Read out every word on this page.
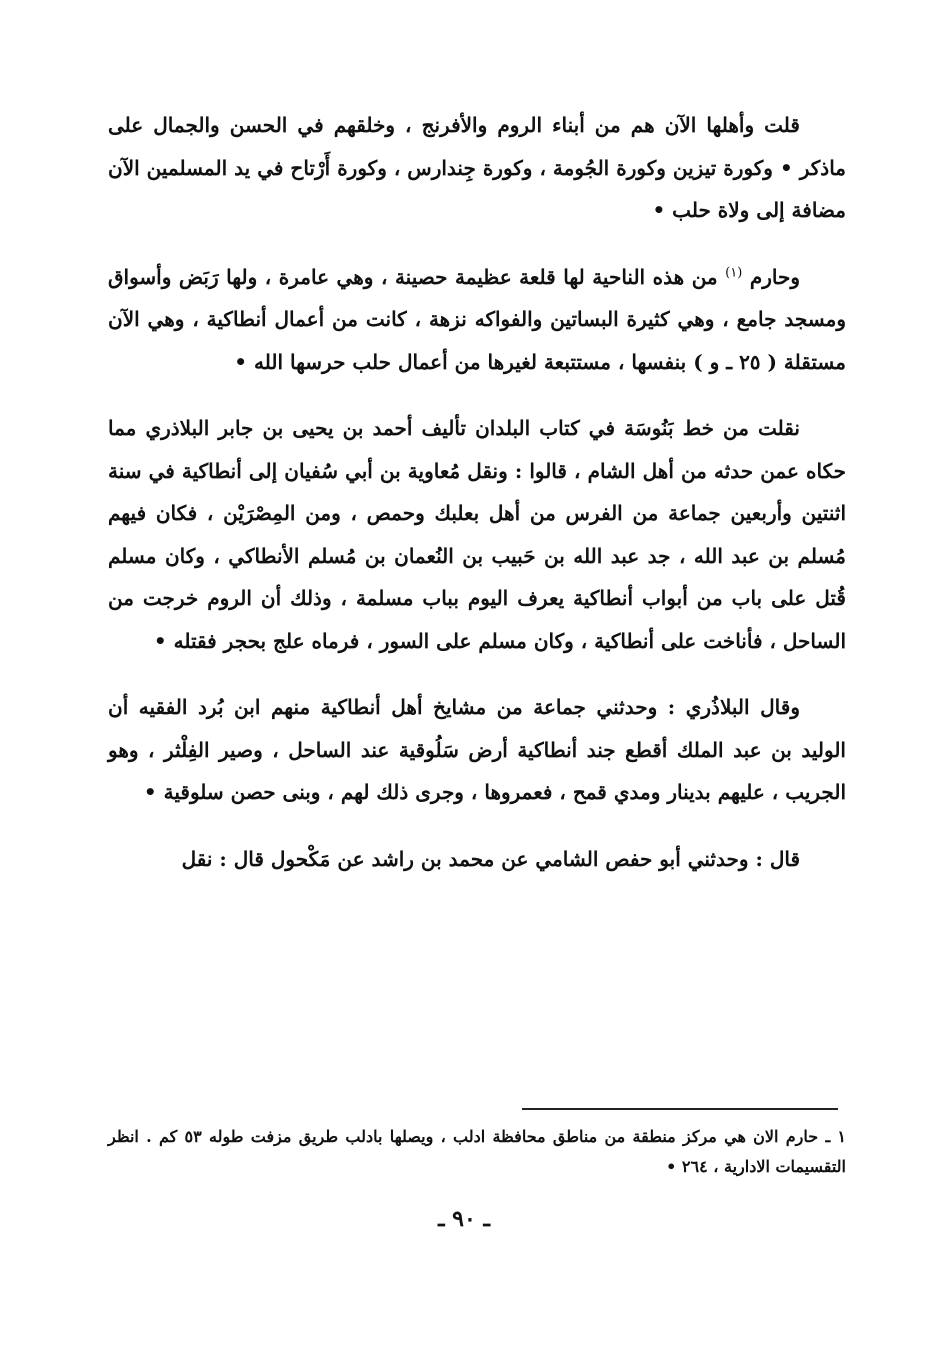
قلت وأهلها الآن هم من أبناء الروم والأفرنج ، وخلقهم في الحسن والجمال على ماذكر • وكورة تيزين وكورة الجُومة ، وكورة جِندارس ، وكورة أَرْتاح في يد المسلمين الآن مضافة إلى ولاة حلب •

وحارم $^{(١)}$ من هذه الناحية لها قلعة عظيمة حصينة ، وهي عامرة ، ولها رَبَض وأسواق ومسجد جامع ، وهي كثيرة البساتين والفواكه نزهة ، كانت من أعمال أنطاكية ، وهي الآن مستقلة ( ٢٥ ـ و ) بنفسها ، مستتبعة لغيرها من أعمال حلب حرسها الله •

نقلت من خط بَنُوسَة في كتاب البلدان تأليف أحمد بن يحيى بن جابر البلاذري مما حكاه عمن حدثه من أهل الشام ، قالوا : ونقل مُعاوية بن أبي سُفيان إلى أنطاكية في سنة اثنتين وأربعين جماعة من الفرس من أهل بعلبك وحمص ، ومن المِصْرَيْن ، فكان فيهم مُسلم بن عبد الله ، جد عبد الله بن حَبيب بن النُعمان بن مُسلم الأنطاكي ، وكان مسلم قُتل على باب من أبواب أنطاكية يعرف اليوم بباب مسلمة ، وذلك أن الروم خرجت من الساحل ، فأناخت على أنطاكية ، وكان مسلم على السور ، فرماه علج بحجر فقتله •

وقال البلاذُري : وحدثني جماعة من مشايخ أهل أنطاكية منهم ابن بُرد الفقيه أن الوليد بن عبد الملك أقطع جند أنطاكية أرض سَلُوقية عند الساحل ، وصير الفِلْثر ، وهو الجريب ، عليهم بدينار ومدي قمح ، فعمروها ، وجرى ذلك لهم ، وبنى حصن سلوقية •

قال : وحدثني أبو حفص الشامي عن محمد بن راشد عن مَكْحول قال : نقل

١ ـ حارم الان هي مركز منطقة من مناطق محافظة ادلب ، ويصلها بادلب طريق مزفت طوله ٥٣ كم . انظر التقسيمات الادارية ، ٢٦٤ •
ـ ٩٠ ـ
